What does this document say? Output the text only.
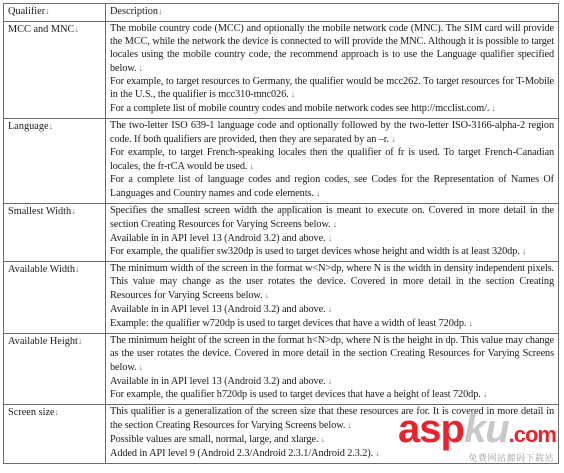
Qualifier↓	Description↓
MCC and MNC↓	The mobile country code (MCC) and optionally the mobile network code (MNC). The SIM card will provide the MCC, while the network the device is connected to will provide the MNC. Although it is possible to target locales using the mobile country code, the recommend approach is to use the Language qualifier specified below. ↓
For example, to target resources to Germany, the qualifier would be mcc262. To target resources for T-Mobile in the U.S., the qualifier is mcc310-mnc026. ↓
For a complete list of mobile country codes and mobile network codes see http://mcclist.com/. ↓

Language↓	The two-letter ISO 639-1 language code and optionally followed by the two-letter ISO-3166-alpha-2 region code. If both qualifiers are provided, then they are separated by an –r. ↓
For example, to target French-speaking locales then the qualifier of fr is used. To target French-Canadian locales, the fr-rCA would be used. ↓
For a complete list of language codes and region codes, see Codes for the Representation of Names Of Languages and Country names and code elements. ↓

Smallest Width↓	Specifies the smallest screen width the application is meant to execute on. Covered in more detail in the section Creating Resources for Varying Screens below. ↓
Available in in API level 13 (Android 3.2) and above. ↓
For example, the qualifier sw320dp is used to target devices whose height and width is at least 320dp. ↓

Available Width↓	The minimum width of the screen in the format w<N>dp, where N is the width in density independent pixels. This value may change as the user rotates the device. Covered in more detail in the section Creating Resources for Varying Screens below. ↓
Available in in API level 13 (Android 3.2) and above. ↓
Example: the qualifier w720dp is used to target devices that have a width of least 720dp. ↓

Available Height↓	The minimum height of the screen in the format h<N>dp, where N is the height in dp. This value may change as the user rotates the device. Covered in more detail in the section Creating Resources for Varying Screens below. ↓
Available in in API level 13 (Android 3.2) and above. ↓
For example, the qualifier h720dp is used to target devices that have a height of least 720dp. ↓

Screen size↓	This qualifier is a generalization of the screen size that these resources are for. It is covered in more detail in the section Creating Resources for Varying Screens below. ↓
Possible values are small, normal, large, and xlarge. ↓
Added in API level 9 (Android 2.3/Android 2.3.1/Android 2.3.2). ↓
aspku.com
免费网站源码下载站
